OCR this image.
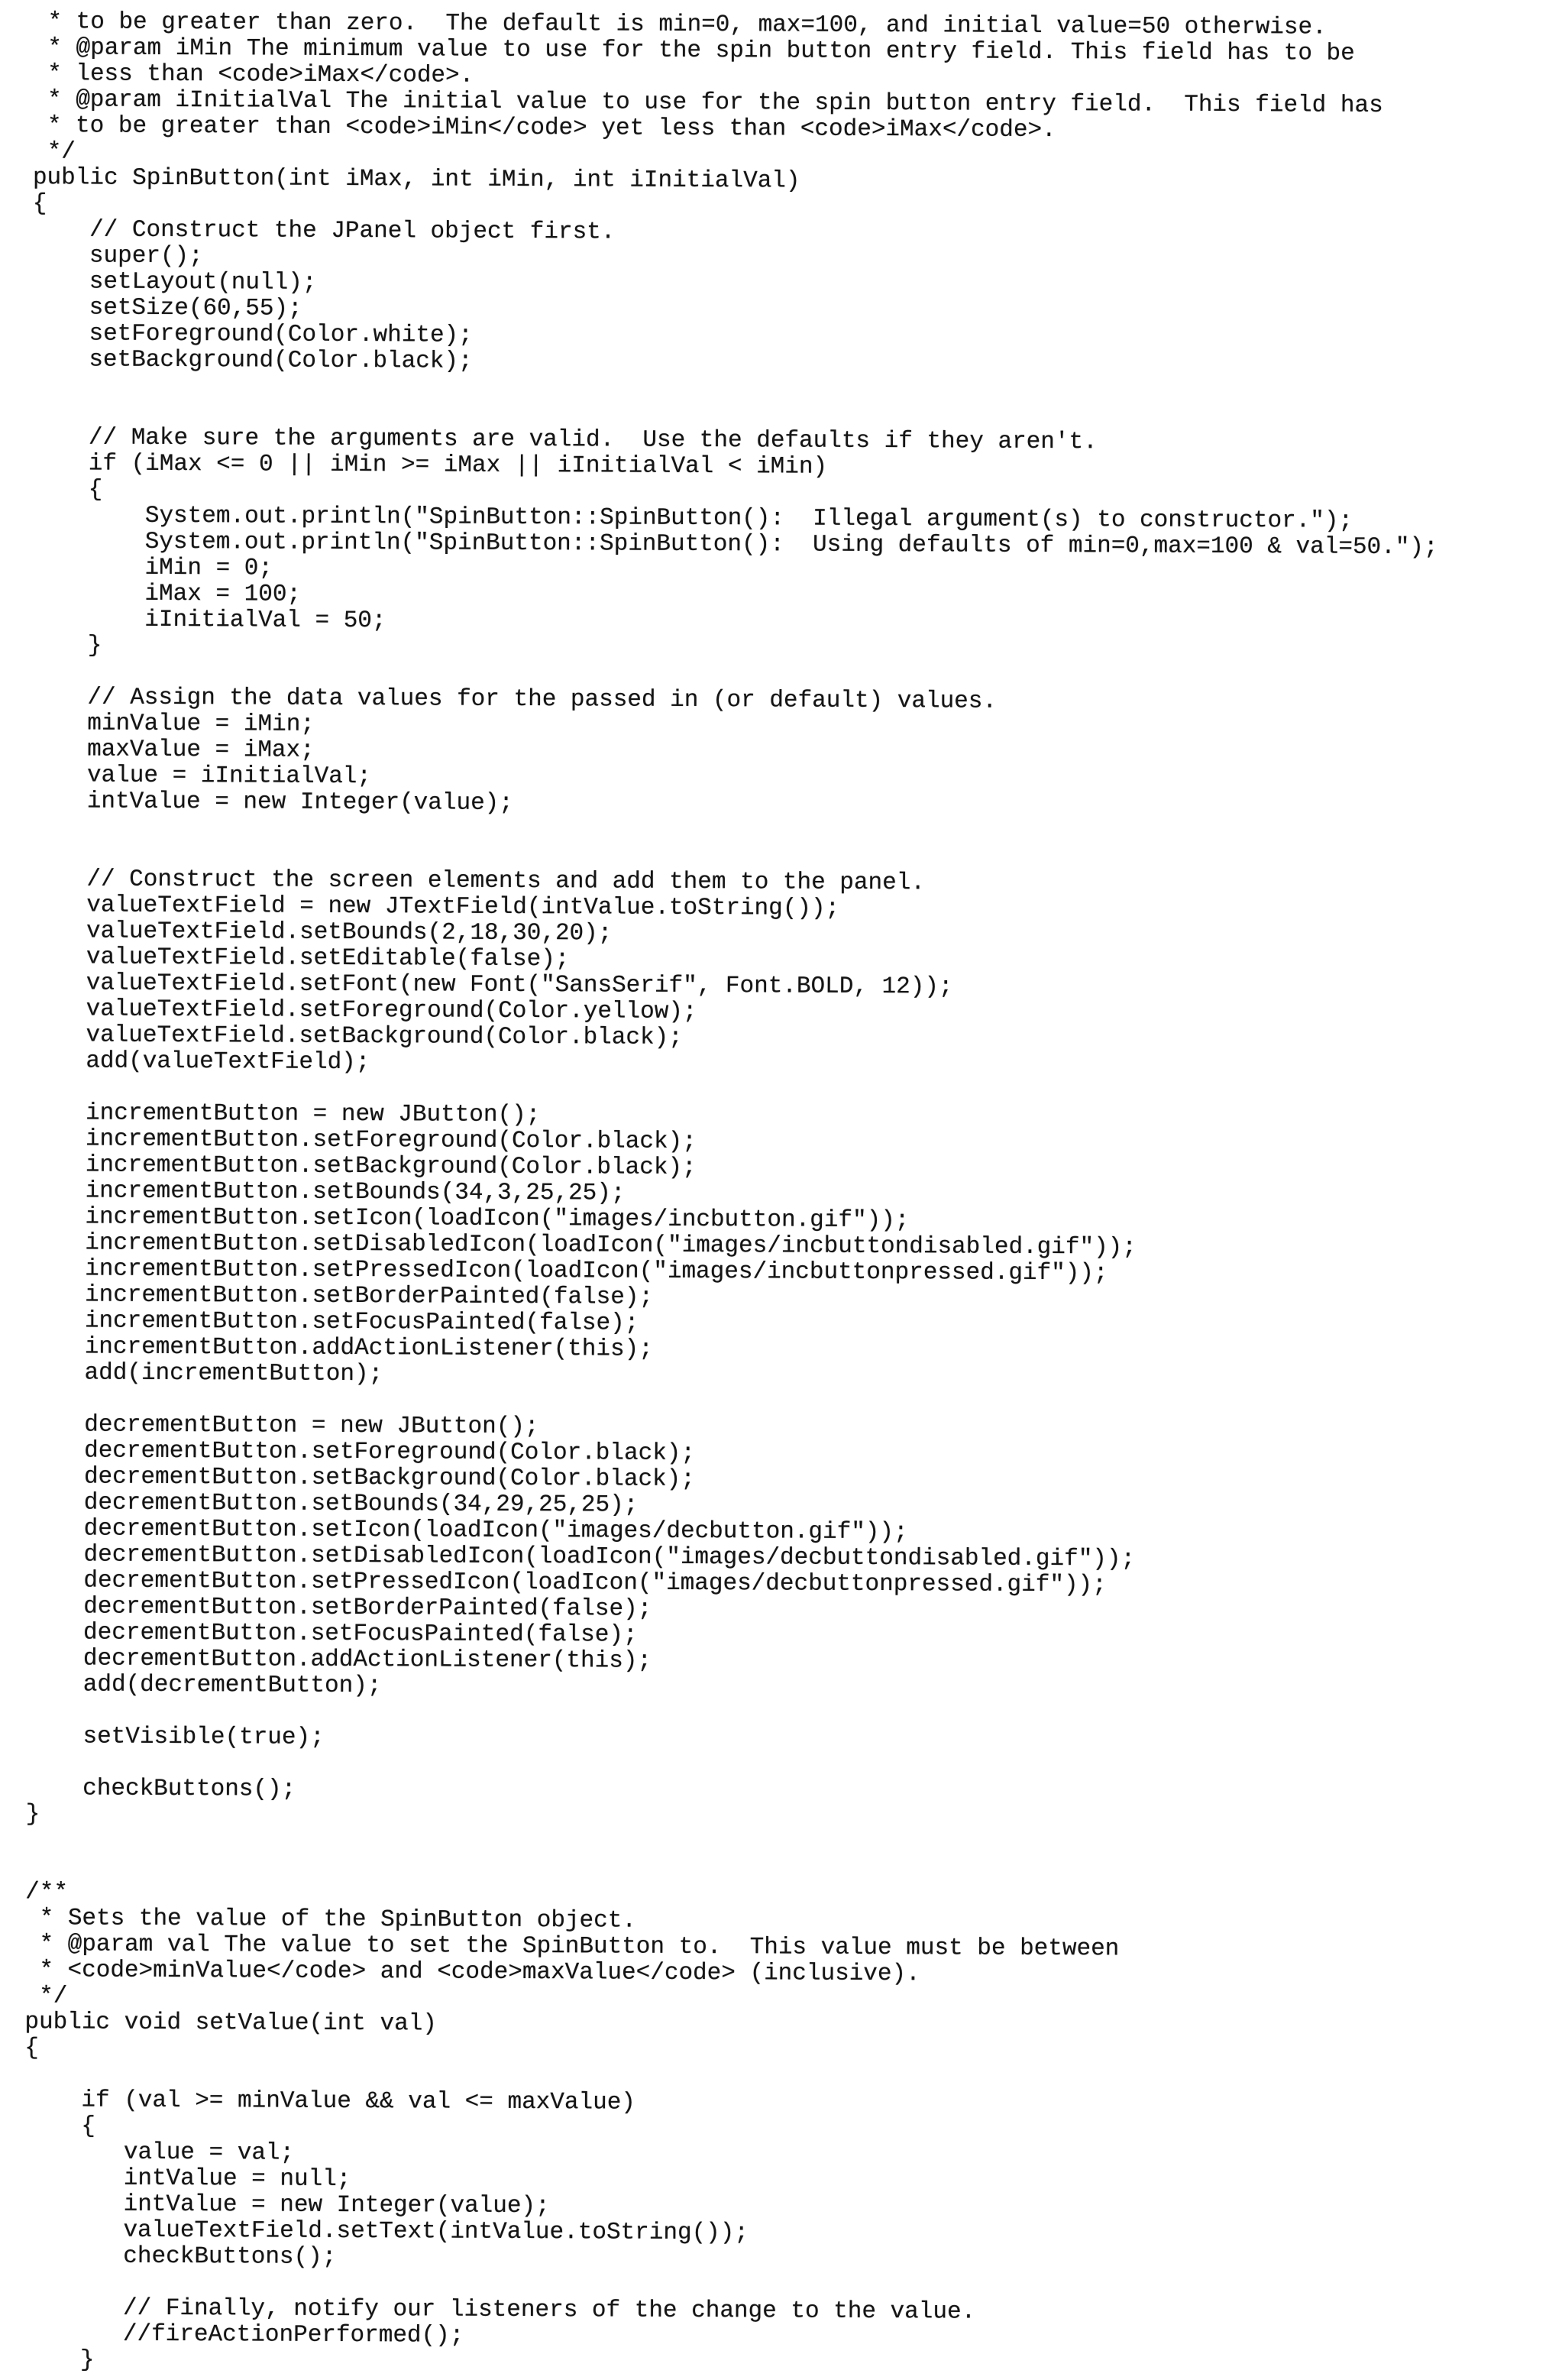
* to be greater than zero.  The default is min=0, max=100, and initial value=50 otherwise.
* @param iMin The minimum value to use for the spin button entry field. This field has to be
* less than <code>iMax</code>.
* @param iInitialVal The initial value to use for the spin button entry field.  This field has
* to be greater than <code>iMin</code> yet less than <code>iMax</code>.
*/
public SpinButton(int iMax, int iMin, int iInitialVal)
{
// Construct the JPanel object first.
super();
setLayout(null);
setSize(60,55);
setForeground(Color.white);
setBackground(Color.black);

// Make sure the arguments are valid.  Use the defaults if they aren't.
if (iMax <= 0 || iMin >= iMax || iInitialVal < iMin)
{
System.out.println("SpinButton::SpinButton():  Illegal argument(s) to constructor.");
System.out.println("SpinButton::SpinButton():  Using defaults of min=0,max=100 & val=50.");
iMin = 0;
iMax = 100;
iInitialVal = 50;
}

// Assign the data values for the passed in (or default) values.
minValue = iMin;
maxValue = iMax;
value = iInitialVal;
intValue = new Integer(value);

// Construct the screen elements and add them to the panel.
valueTextField = new JTextField(intValue.toString());
valueTextField.setBounds(2,18,30,20);
valueTextField.setEditable(false);
valueTextField.setFont(new Font("SansSerif", Font.BOLD, 12));
valueTextField.setForeground(Color.yellow);
valueTextField.setBackground(Color.black);
add(valueTextField);

incrementButton = new JButton();
incrementButton.setForeground(Color.black);
incrementButton.setBackground(Color.black);
incrementButton.setBounds(34,3,25,25);
incrementButton.setIcon(loadIcon("images/incbutton.gif"));
incrementButton.setDisabledIcon(loadIcon("images/incbuttondisabled.gif"));
incrementButton.setPressedIcon(loadIcon("images/incbuttonpressed.gif"));
incrementButton.setBorderPainted(false);
incrementButton.setFocusPainted(false);
incrementButton.addActionListener(this);
add(incrementButton);

decrementButton = new JButton();
decrementButton.setForeground(Color.black);
decrementButton.setBackground(Color.black);
decrementButton.setBounds(34,29,25,25);
decrementButton.setIcon(loadIcon("images/decbutton.gif"));
decrementButton.setDisabledIcon(loadIcon("images/decbuttondisabled.gif"));
decrementButton.setPressedIcon(loadIcon("images/decbuttonpressed.gif"));
decrementButton.setBorderPainted(false);
decrementButton.setFocusPainted(false);
decrementButton.addActionListener(this);
add(decrementButton);

setVisible(true);

checkButtons();
}

/**
* Sets the value of the SpinButton object.
* @param val The value to set the SpinButton to.  This value must be between
* <code>minValue</code> and <code>maxValue</code> (inclusive).
*/
public void setValue(int val)
{

if (val >= minValue && val <= maxValue)
{
value = val;
intValue = null;
intValue = new Integer(value);
valueTextField.setText(intValue.toString());
checkButtons();

// Finally, notify our listeners of the change to the value.
//fireActionPerformed();
}
